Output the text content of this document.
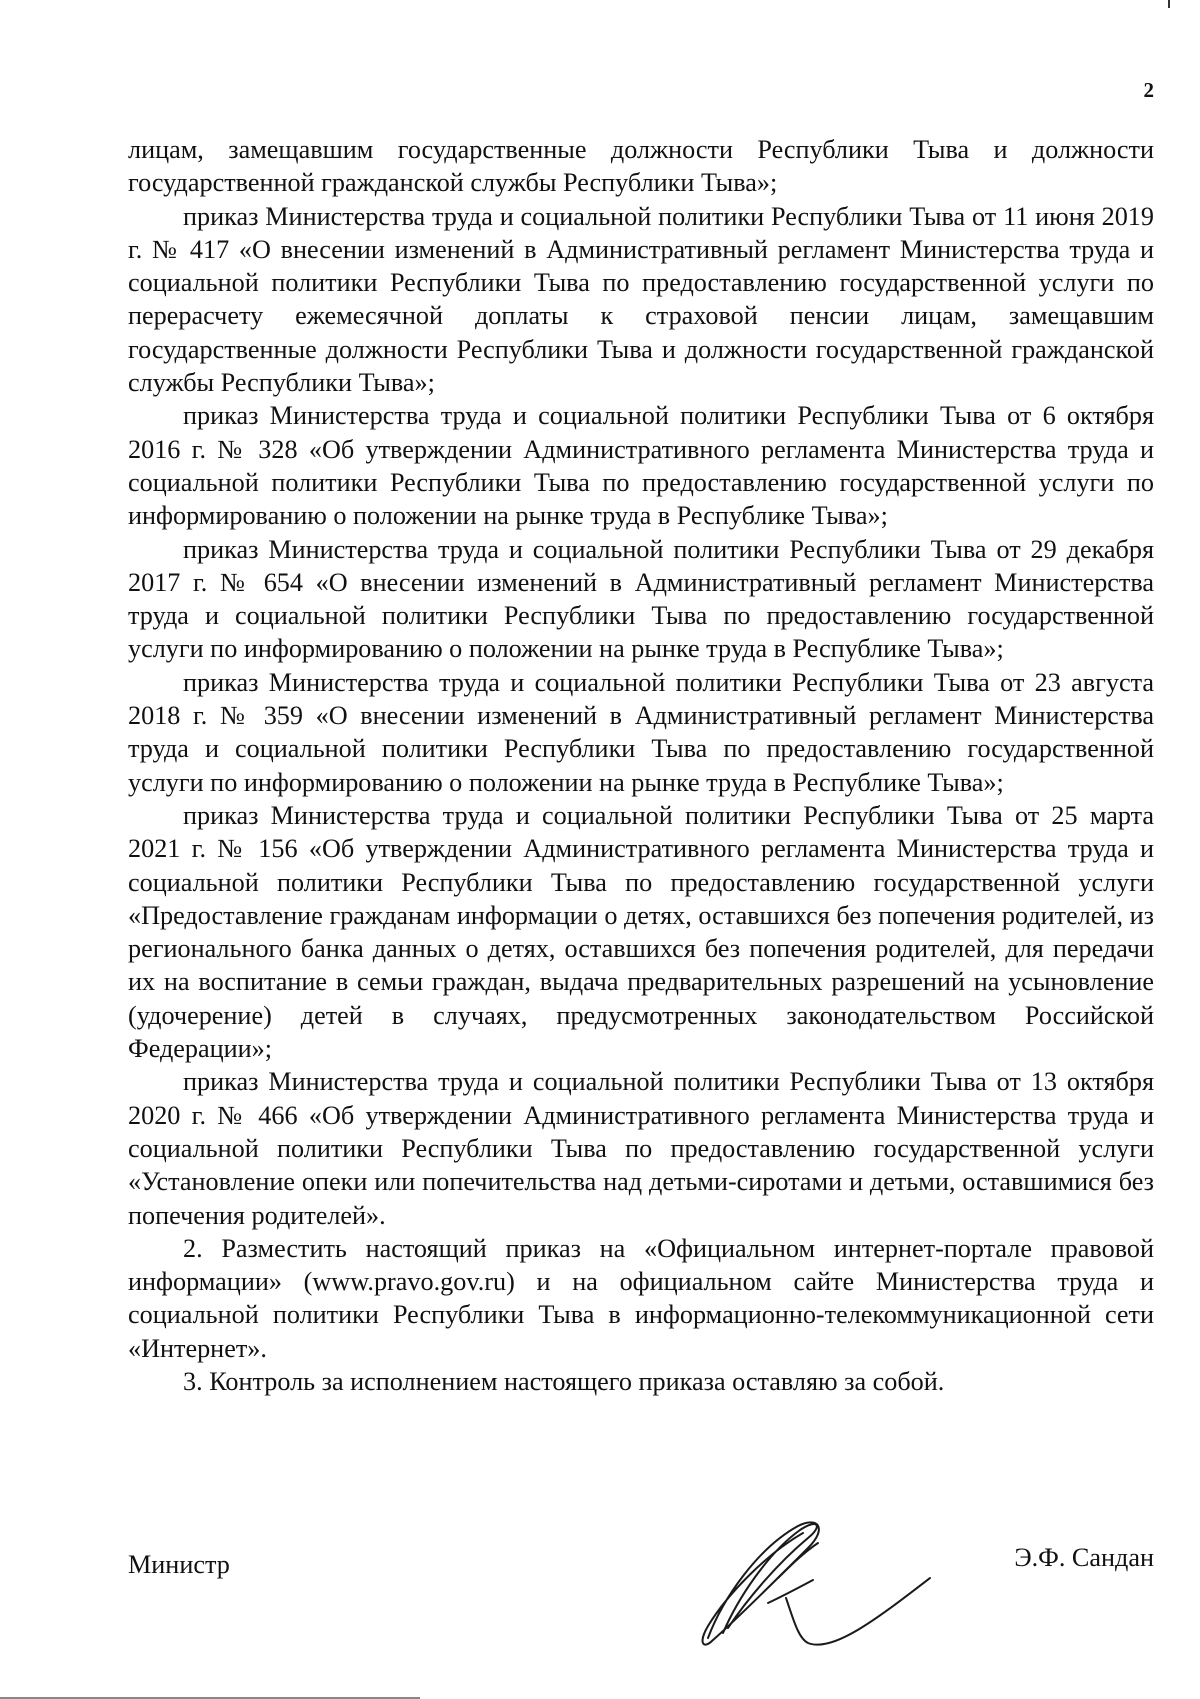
2

лицам, замещавшим государственные должности Республики Тыва и должности государственной гражданской службы Республики Тыва»;

приказ Министерства труда и социальной политики Республики Тыва от 11 июня 2019 г. № 417 «О внесении изменений в Административный регламент Министерства труда и социальной политики Республики Тыва по предоставлению государственной услуги по перерасчету ежемесячной доплаты к страховой пенсии лицам, замещавшим государственные должности Республики Тыва и должности государственной гражданской службы Республики Тыва»;

приказ Министерства труда и социальной политики Республики Тыва от 6 октября 2016 г. № 328 «Об утверждении Административного регламента Министерства труда и социальной политики Республики Тыва по предоставлению государственной услуги по информированию о положении на рынке труда в Республике Тыва»;

приказ Министерства труда и социальной политики Республики Тыва от 29 декабря 2017 г. № 654 «О внесении изменений в Административный регламент Министерства труда и социальной политики Республики Тыва по предоставлению государственной услуги по информированию о положении на рынке труда в Республике Тыва»;

приказ Министерства труда и социальной политики Республики Тыва от 23 августа 2018 г. № 359 «О внесении изменений в Административный регламент Министерства труда и социальной политики Республики Тыва по предоставлению государственной услуги по информированию о положении на рынке труда в Республике Тыва»;

приказ Министерства труда и социальной политики Республики Тыва от 25 марта 2021 г. № 156 «Об утверждении Административного регламента Министерства труда и социальной политики Республики Тыва по предоставлению государственной услуги «Предоставление гражданам информации о детях, оставшихся без попечения родителей, из регионального банка данных о детях, оставшихся без попечения родителей, для передачи их на воспитание в семьи граждан, выдача предварительных разрешений на усыновление (удочерение) детей в случаях, предусмотренных законодательством Российской Федерации»;

приказ Министерства труда и социальной политики Республики Тыва от 13 октября 2020 г. № 466 «Об утверждении Административного регламента Министерства труда и социальной политики Республики Тыва по предоставлению государственной услуги «Установление опеки или попечительства над детьми-сиротами и детьми, оставшимися без попечения родителей».

2. Разместить настоящий приказ на «Официальном интернет-портале правовой информации» (www.pravo.gov.ru) и на официальном сайте Министерства труда и социальной политики Республики Тыва в информационно-телекоммуникационной сети «Интернет».

3. Контроль за исполнением настоящего приказа оставляю за собой.

Министр	Э.Ф. Сандан
